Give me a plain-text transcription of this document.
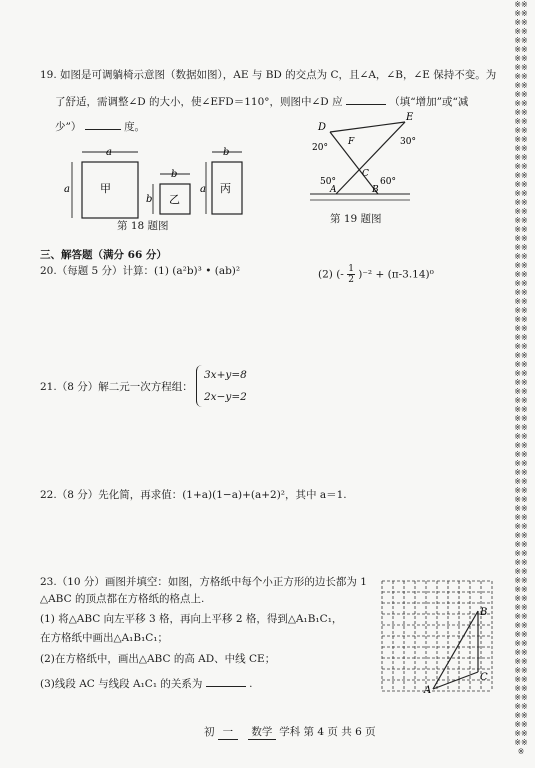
19. 如图是可调躺椅示意图（数据如图），AE 与 BD 的交点为 C，且∠A，∠B，∠E 保持不变。为
了舒适，需调整∠D 的大小，使∠EFD＝110°，则图中∠D 应	（填“增加”或“减
少”）	度。
a
a	甲
b
b 乙
b
a 丙
第 18 题图
D
E
F
C
A	B
20°
30°
50°	60°
第 19 题图
三、解答题（满分 66 分）
20.（每题 5 分）计算：(1) (a²b)³ • (ab)²	(2) (- $\frac{1}{2} )^{-2} + (\pi-3.14)^0$
21.（8 分）解二元一次方程组：
3x+y=8
2x−y=2
22.（8 分）先化简，再求值：(1+a)(1−a)+(a+2)²，其中 a＝1.
23.（10 分）画图并填空：如图，方格纸中每个小正方形的边长都为 1
△ABC 的顶点都在方格纸的格点上.
(1) 将△ABC 向左平移 3 格，再向上平移 2 格，得到△A₁B₁C₁，
在方格纸中画出△A₁B₁C₁；
(2)在方格纸中，画出△ABC 的高 AD、中线 CE；
(3)线段 AC 与线段 A₁C₁ 的关系为	.
B
C
A
初 一 数学 学科 第 4 页 共 6 页
※※※※※※※※※※※※※※※※※※※※※※※※※※※※※※※※※※※※※※※※※※※※※※※※※※※※※※※※※※※※※※※※※※※※※※※※※※※※※※※※※※※※※※※※※※※※※※※※※※※※※※※※※※※※※※※※※※※※※※※※※※※※※※※※※※※※※※※※※※※※※※※※※※※※※※※※※※※※※※※※※※※※※※※
